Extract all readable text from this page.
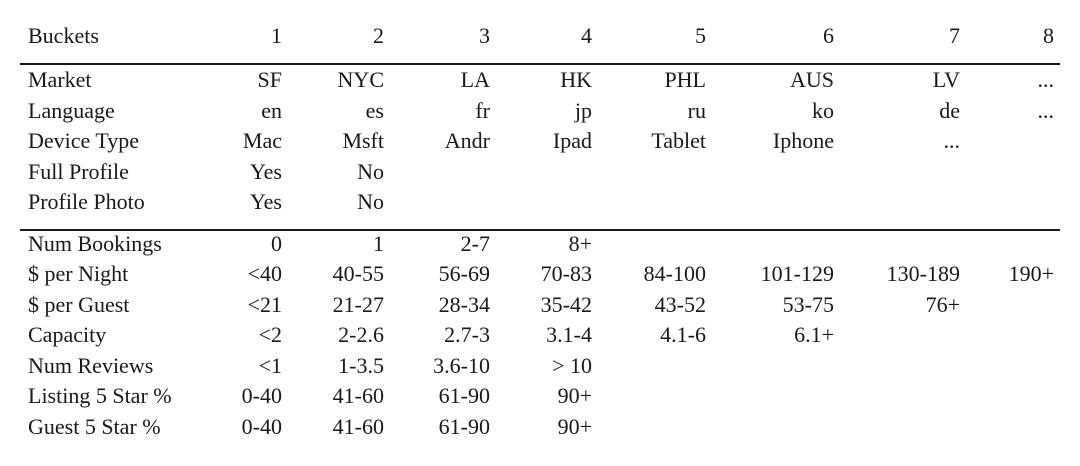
Buckets	1	2	3	4	5	6	7	8

Market	SF	NYC	LA	HK	PHL	AUS	LV	...
Language	en	es	fr	jp	ru	ko	de	...
Device Type	Mac	Msft	Andr	Ipad	Tablet	Iphone	...	
Full Profile	Yes	No						
Profile Photo	Yes	No						

Num Bookings	0	1	2-7	8+				
$ per Night	<40	40-55	56-69	70-83	84-100	101-129	130-189	190+
$ per Guest	<21	21-27	28-34	35-42	43-52	53-75	76+	
Capacity	<2	2-2.6	2.7-3	3.1-4	4.1-6	6.1+		
Num Reviews	<1	1-3.5	3.6-10	> 10				
Listing 5 Star %	0-40	41-60	61-90	90+				
Guest 5 Star %	0-40	41-60	61-90	90+				
